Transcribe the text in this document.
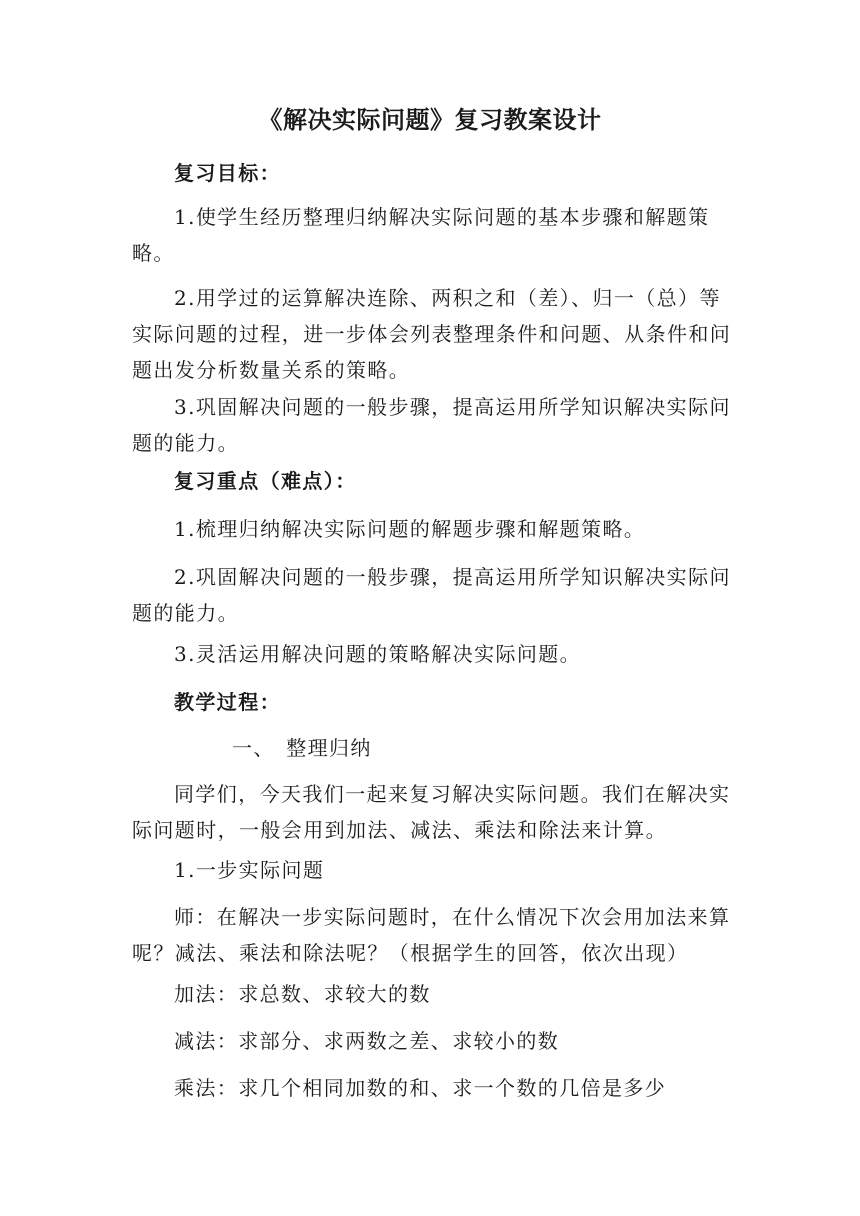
《解决实际问题》复习教案设计
复习目标：
1.使学生经历整理归纳解决实际问题的基本步骤和解题策略。
2.用学过的运算解决连除、两积之和（差）、归一（总）等实际问题的过程，进一步体会列表整理条件和问题、从条件和问题出发分析数量关系的策略。
3.巩固解决问题的一般步骤，提高运用所学知识解决实际问题的能力。
复习重点（难点）：
1.梳理归纳解决实际问题的解题步骤和解题策略。
2.巩固解决问题的一般步骤，提高运用所学知识解决实际问题的能力。
3.灵活运用解决问题的策略解决实际问题。
教学过程：
一、　整理归纳
同学们，今天我们一起来复习解决实际问题。我们在解决实际问题时，一般会用到加法、减法、乘法和除法来计算。
1.一步实际问题
师：在解决一步实际问题时，在什么情况下次会用加法来算呢？减法、乘法和除法呢？（根据学生的回答，依次出现）
加法：求总数、求较大的数
减法：求部分、求两数之差、求较小的数
乘法：求几个相同加数的和、求一个数的几倍是多少
